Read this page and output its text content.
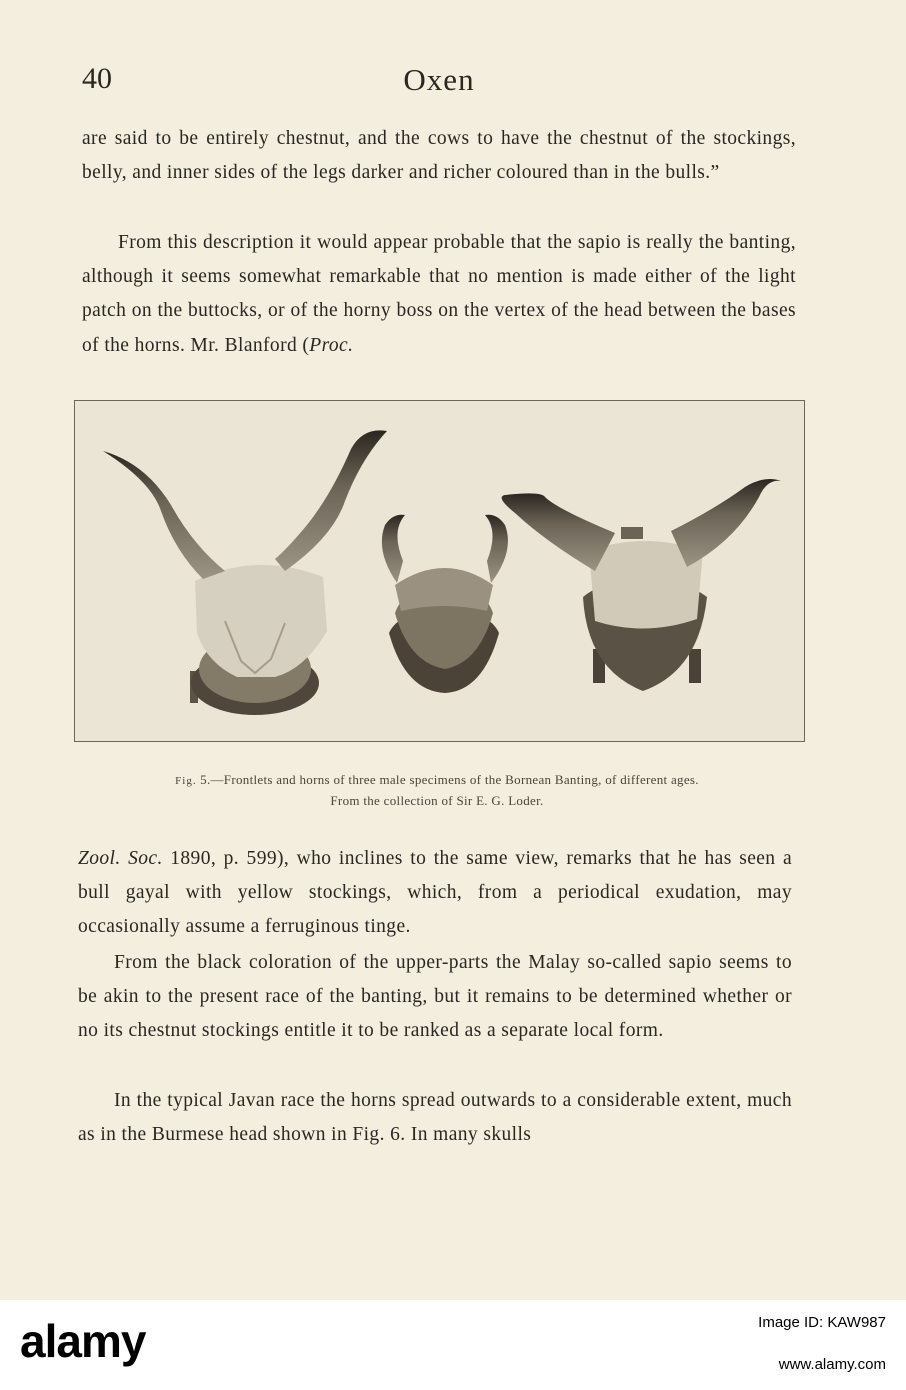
40	Oxen

are said to be entirely chestnut, and the cows to have the chestnut of the stockings, belly, and inner sides of the legs darker and richer coloured than in the bulls.”

From this description it would appear probable that the sapio is really the banting, although it seems somewhat remarkable that no mention is made either of the light patch on the buttocks, or of the horny boss on the vertex of the head between the bases of the horns. Mr. Blanford (Proc.

Fig. 5.—Frontlets and horns of three male specimens of the Bornean Banting, of different ages.
From the collection of Sir E. G. Loder.

Zool. Soc. 1890, p. 599), who inclines to the same view, remarks that he has seen a bull gayal with yellow stockings, which, from a periodical exudation, may occasionally assume a ferruginous tinge.

From the black coloration of the upper-parts the Malay so-called sapio seems to be akin to the present race of the banting, but it remains to be determined whether or no its chestnut stockings entitle it to be ranked as a separate local form.

In the typical Javan race the horns spread outwards to a considerable extent, much as in the Burmese head shown in Fig. 6. In many skulls

alamy	Image ID: KAW987
www.alamy.com
